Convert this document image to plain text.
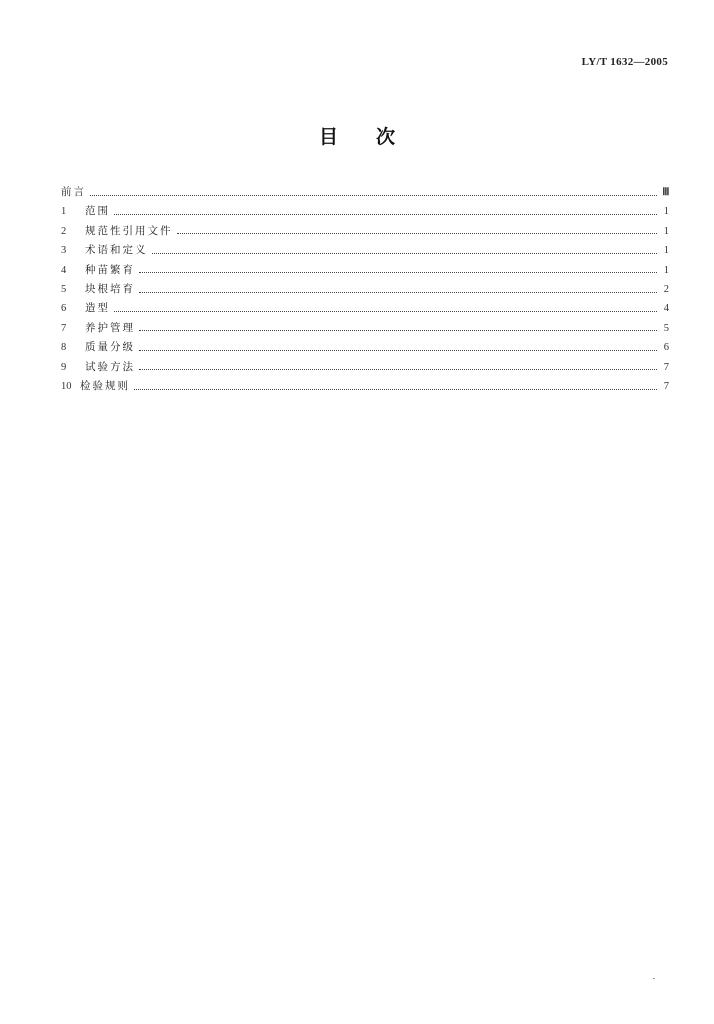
LY/T 1632—2005
目 次
前言	Ⅲ
1	范围	1
2	规范性引用文件	1
3	术语和定义	1
4	种苗繁育	1
5	块根培育	2
6	造型	4
7	养护管理	5
8	质量分级	6
9	试验方法	7
10 检验规则	7
